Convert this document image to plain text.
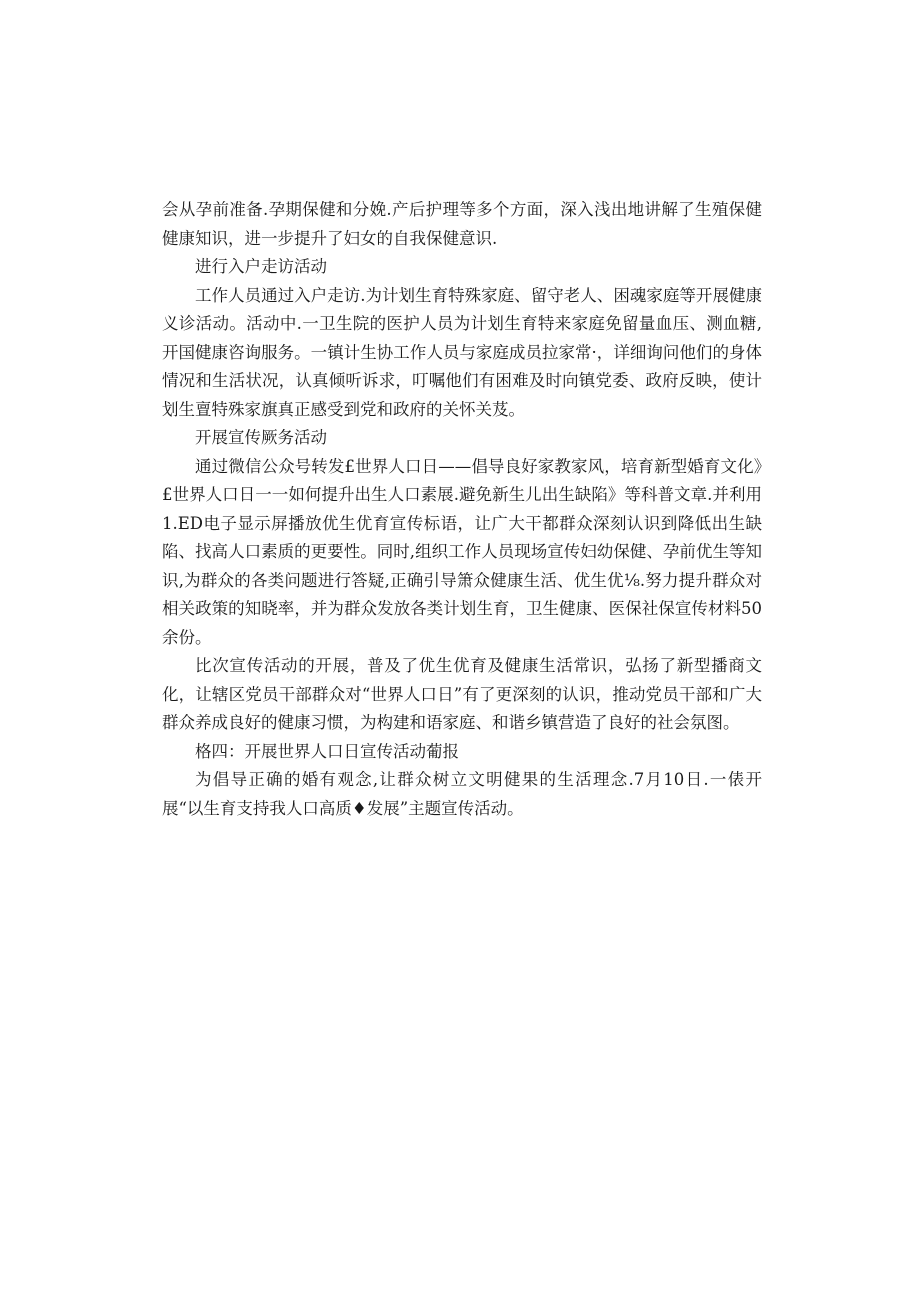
会从孕前准备.孕期保健和分娩.产后护理等多个方面，深入浅出地讲解了生殖保健健康知识，进一步提升了妇女的自我保健意识.

进行入户走访活动

工作人员通过入户走访.为计划生育特殊家庭、留守老人、困魂家庭等开展健康义诊活动。活动中.一卫生院的医护人员为计划生育特来家庭免留量血压、测血糖,开国健康咨询服务。一镇计生协工作人员与家庭成员拉家常·，详细询问他们的身体情况和生活状况，认真倾听诉求，叮嘱他们有困难及时向镇党委、政府反映，使计划生亶特殊家旗真正感受到党和政府的关怀关芨。

开展宣传厥务活动

通过微信公众号转发£世界人口日——倡导良好家教家风，培育新型婚育文化》£世界人口日一一如何提升出生人口素展.避免新生儿出生缺陷》等科普文章.并利用1.ED电子显示屏播放优生优育宣传标语，让广大干都群众深刻认识到降低出生缺陷、找高人口素质的更要性。同时,组织工作人员现场宣传妇幼保健、孕前优生等知识,为群众的各类问题进行答疑,正确引导箫众健康生活、优生优⅛.努力提升群众对相关政策的知晓率，并为群众发放各类计划生育，卫生健康、医保社保宣传材料50余份。

比次宣传活动的开展，普及了优生优育及健康生活常识，弘扬了新型播商文化，让辖区党员干部群众对“世界人口日”有了更深刻的认识，推动党员干部和广大群众养成良好的健康习惯，为构建和语家庭、和谐乡镇营造了良好的社会氛图。

格四：开展世界人口日宣传活动葡报

为倡导正确的婚有观念,让群众树立文明健果的生活理念.7月10日.一俵开展“以生育支持我人口高质♦发展”主题宣传活动。
